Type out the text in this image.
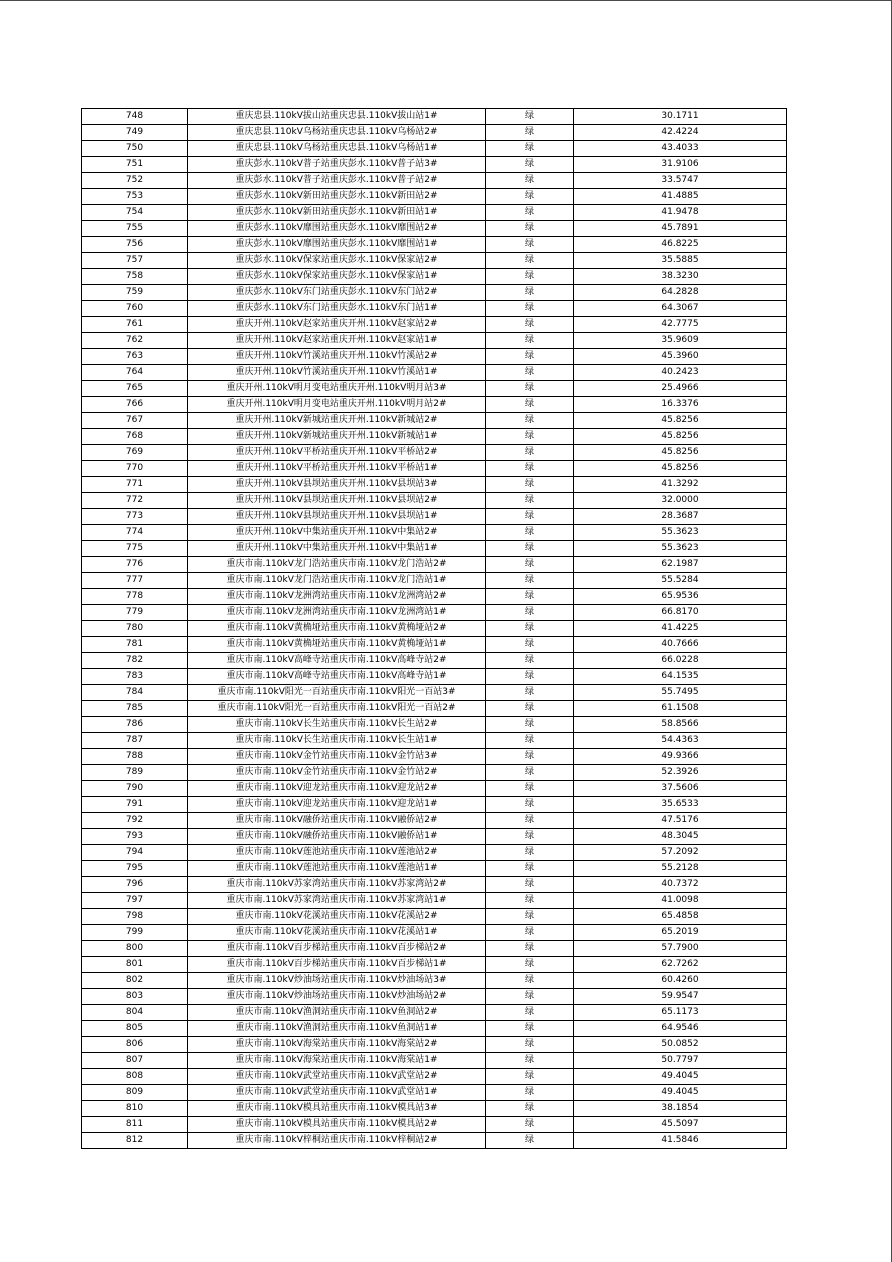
748	重庆忠县.110kV拔山站重庆忠县.110kV拔山站1#	绿	30.1711
749	重庆忠县.110kV乌杨站重庆忠县.110kV乌杨站2#	绿	42.4224
750	重庆忠县.110kV乌杨站重庆忠县.110kV乌杨站1#	绿	43.4033
751	重庆彭水.110kV普子站重庆彭水.110kV普子站3#	绿	31.9106
752	重庆彭水.110kV普子站重庆彭水.110kV普子站2#	绿	33.5747
753	重庆彭水.110kV新田站重庆彭水.110kV新田站2#	绿	41.4885
754	重庆彭水.110kV新田站重庆彭水.110kV新田站1#	绿	41.9478
755	重庆彭水.110kV靡围站重庆彭水.110kV靡围站2#	绿	45.7891
756	重庆彭水.110kV靡围站重庆彭水.110kV靡围站1#	绿	46.8225
757	重庆彭水.110kV保家站重庆彭水.110kV保家站2#	绿	35.5885
758	重庆彭水.110kV保家站重庆彭水.110kV保家站1#	绿	38.3230
759	重庆彭水.110kV东门站重庆彭水.110kV东门站2#	绿	64.2828
760	重庆彭水.110kV东门站重庆彭水.110kV东门站1#	绿	64.3067
761	重庆开州.110kV赵家站重庆开州.110kV赵家站2#	绿	42.7775
762	重庆开州.110kV赵家站重庆开州.110kV赵家站1#	绿	35.9609
763	重庆开州.110kV竹溪站重庆开州.110kV竹溪站2#	绿	45.3960
764	重庆开州.110kV竹溪站重庆开州.110kV竹溪站1#	绿	40.2423
765	重庆开州.110kV明月变电站重庆开州.110kV明月站3#	绿	25.4966
766	重庆开州.110kV明月变电站重庆开州.110kV明月站2#	绿	16.3376
767	重庆开州.110kV新城站重庆开州.110kV新城站2#	绿	45.8256
768	重庆开州.110kV新城站重庆开州.110kV新城站1#	绿	45.8256
769	重庆开州.110kV平桥站重庆开州.110kV平桥站2#	绿	45.8256
770	重庆开州.110kV平桥站重庆开州.110kV平桥站1#	绿	45.8256
771	重庆开州.110kV县坝站重庆开州.110kV县坝站3#	绿	41.3292
772	重庆开州.110kV县坝站重庆开州.110kV县坝站2#	绿	32.0000
773	重庆开州.110kV县坝站重庆开州.110kV县坝站1#	绿	28.3687
774	重庆开州.110kV中集站重庆开州.110kV中集站2#	绿	55.3623
775	重庆开州.110kV中集站重庆开州.110kV中集站1#	绿	55.3623
776	重庆市南.110kV龙门浩站重庆市南.110kV龙门浩站2#	绿	62.1987
777	重庆市南.110kV龙门浩站重庆市南.110kV龙门浩站1#	绿	55.5284
778	重庆市南.110kV龙洲湾站重庆市南.110kV龙洲湾站2#	绿	65.9536
779	重庆市南.110kV龙洲湾站重庆市南.110kV龙洲湾站1#	绿	66.8170
780	重庆市南.110kV黄桷垭站重庆市南.110kV黄桷垭站2#	绿	41.4225
781	重庆市南.110kV黄桷垭站重庆市南.110kV黄桷垭站1#	绿	40.7666
782	重庆市南.110kV高峰寺站重庆市南.110kV高峰寺站2#	绿	66.0228
783	重庆市南.110kV高峰寺站重庆市南.110kV高峰寺站1#	绿	64.1535
784	重庆市南.110kV阳光一百站重庆市南.110kV阳光一百站3#	绿	55.7495
785	重庆市南.110kV阳光一百站重庆市南.110kV阳光一百站2#	绿	61.1508
786	重庆市南.110kV长生站重庆市南.110kV长生站2#	绿	58.8566
787	重庆市南.110kV长生站重庆市南.110kV长生站1#	绿	54.4363
788	重庆市南.110kV金竹站重庆市南.110kV金竹站3#	绿	49.9366
789	重庆市南.110kV金竹站重庆市南.110kV金竹站2#	绿	52.3926
790	重庆市南.110kV迎龙站重庆市南.110kV迎龙站2#	绿	37.5606
791	重庆市南.110kV迎龙站重庆市南.110kV迎龙站1#	绿	35.6533
792	重庆市南.110kV融侨站重庆市南.110kV融侨站2#	绿	47.5176
793	重庆市南.110kV融侨站重庆市南.110kV融侨站1#	绿	48.3045
794	重庆市南.110kV莲池站重庆市南.110kV莲池站2#	绿	57.2092
795	重庆市南.110kV莲池站重庆市南.110kV莲池站1#	绿	55.2128
796	重庆市南.110kV苏家湾站重庆市南.110kV苏家湾站2#	绿	40.7372
797	重庆市南.110kV苏家湾站重庆市南.110kV苏家湾站1#	绿	41.0098
798	重庆市南.110kV花溪站重庆市南.110kV花溪站2#	绿	65.4858
799	重庆市南.110kV花溪站重庆市南.110kV花溪站1#	绿	65.2019
800	重庆市南.110kV百步梯站重庆市南.110kV百步梯站2#	绿	57.7900
801	重庆市南.110kV百步梯站重庆市南.110kV百步梯站1#	绿	62.7262
802	重庆市南.110kV炒油场站重庆市南.110kV炒油场站3#	绿	60.4260
803	重庆市南.110kV炒油场站重庆市南.110kV炒油场站2#	绿	59.9547
804	重庆市南.110kV渔洞站重庆市南.110kV鱼洞站2#	绿	65.1173
805	重庆市南.110kV渔洞站重庆市南.110kV鱼洞站1#	绿	64.9546
806	重庆市南.110kV海棠站重庆市南.110kV海棠站2#	绿	50.0852
807	重庆市南.110kV海棠站重庆市南.110kV海棠站1#	绿	50.7797
808	重庆市南.110kV武堂站重庆市南.110kV武堂站2#	绿	49.4045
809	重庆市南.110kV武堂站重庆市南.110kV武堂站1#	绿	49.4045
810	重庆市南.110kV模具站重庆市南.110kV模具站3#	绿	38.1854
811	重庆市南.110kV模具站重庆市南.110kV模具站2#	绿	45.5097
812	重庆市南.110kV梓桐站重庆市南.110kV梓桐站2#	绿	41.5846
